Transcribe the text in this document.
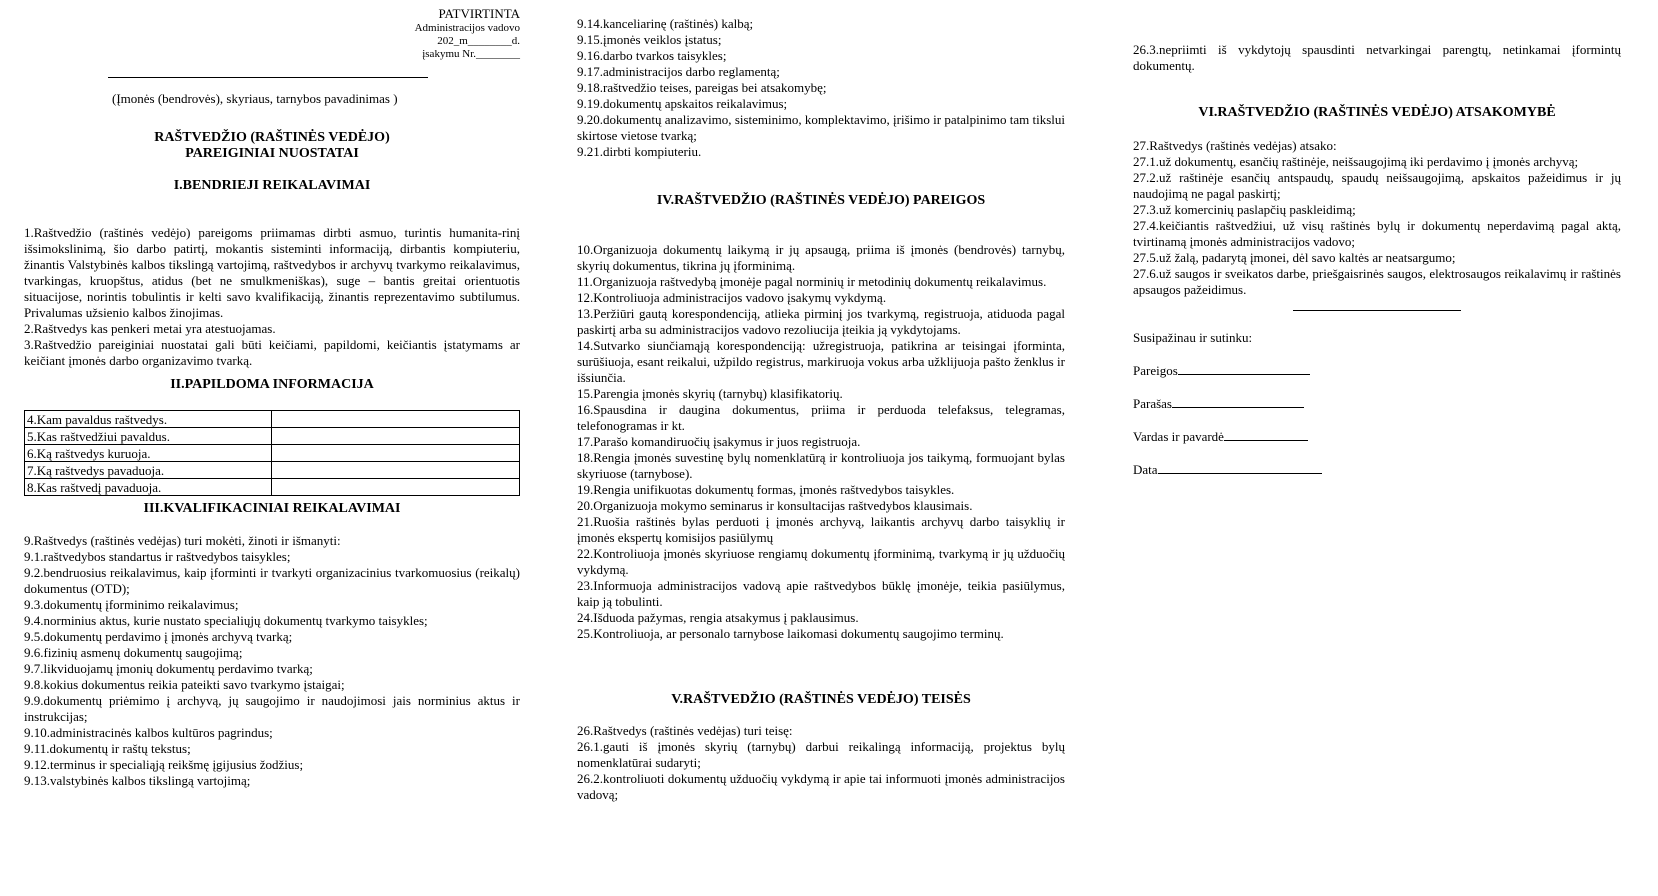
PATVIRTINTA
Administracijos vadovo
202_m________d.
įsakymu Nr.________
(Įmonės (bendrovės), skyriaus, tarnybos pavadinimas )

RAŠTVEDŽIO (RAŠTINĖS VEDĖJO)

PAREIGINIAI NUOSTATAI

I.BENDRIEJI REIKALAVIMAI

1.Raštvedžio (raštinės vedėjo) pareigoms priimamas dirbti asmuo, turintis humanita-rinį išsimokslinimą, šio darbo patirtį, mokantis sisteminti informaciją, dirbantis kompiuteriu, žinantis Valstybinės kalbos tikslingą vartojimą, raštvedybos ir archyvų tvarkymo reikalavimus, tvarkingas, kruopštus, atidus (bet ne smulkmeniškas), suge – bantis greitai orientuotis situacijose, norintis tobulintis ir kelti savo kvalifikaciją, žinantis reprezentavimo subtilumus. Privalumas užsienio kalbos žinojimas.

2.Raštvedys kas penkeri metai yra atestuojamas.

3.Raštvedžio pareiginiai nuostatai gali būti keičiami, papildomi, keičiantis įstatymams ar keičiant įmonės darbo organizavimo tvarką.

II.PAPILDOMA INFORMACIJA

4.Kam pavaldus raštvedys.	
5.Kas raštvedžiui pavaldus.	
6.Ką raštvedys kuruoja.	
7.Ką raštvedys pavaduoja.	
8.Kas raštvedį pavaduoja.	

III.KVALIFIKACINIAI REIKALAVIMAI

9.Raštvedys (raštinės vedėjas) turi mokėti, žinoti ir išmanyti:

9.1.raštvedybos standartus ir raštvedybos taisykles;

9.2.bendruosius reikalavimus, kaip įforminti ir tvarkyti organizacinius tvarkomuosius (reikalų) dokumentus (OTD);

9.3.dokumentų įforminimo reikalavimus;

9.4.norminius aktus, kurie nustato specialiųjų dokumentų tvarkymo taisykles;

9.5.dokumentų perdavimo į įmonės archyvą tvarką;

9.6.fizinių asmenų dokumentų saugojimą;

9.7.likviduojamų įmonių dokumentų perdavimo tvarką;

9.8.kokius dokumentus reikia pateikti savo tvarkymo įstaigai;

9.9.dokumentų priėmimo į archyvą, jų saugojimo ir naudojimosi jais norminius aktus ir instrukcijas;

9.10.administracinės kalbos kultūros pagrindus;

9.11.dokumentų ir raštų tekstus;

9.12.terminus ir specialiąją reikšmę įgijusius žodžius;

9.13.valstybinės kalbos tikslingą vartojimą;

9.14.kanceliarinę (raštinės) kalbą;

9.15.įmonės veiklos įstatus;

9.16.darbo tvarkos taisykles;

9.17.administracijos darbo reglamentą;

9.18.raštvedžio teises, pareigas bei atsakomybę;

9.19.dokumentų apskaitos reikalavimus;

9.20.dokumentų analizavimo, sisteminimo, komplektavimo, įrišimo ir patalpinimo tam tikslui skirtose vietose tvarką;

9.21.dirbti kompiuteriu.

IV.RAŠTVEDŽIO (RAŠTINĖS VEDĖJO) PAREIGOS

10.Organizuoja dokumentų laikymą ir jų apsaugą, priima iš įmonės (bendrovės) tarnybų, skyrių dokumentus, tikrina jų įforminimą.

11.Organizuoja raštvedybą įmonėje pagal norminių ir metodinių dokumentų reikalavimus.

12.Kontroliuoja administracijos vadovo įsakymų vykdymą.

13.Peržiūri gautą korespondenciją, atlieka pirminį jos tvarkymą, registruoja, atiduoda pagal paskirtį arba su administracijos vadovo rezoliucija įteikia ją vykdytojams.

14.Sutvarko siunčiamąją korespondenciją: užregistruoja, patikrina ar teisingai įforminta, surūšiuoja, esant reikalui, užpildo registrus, markiruoja vokus arba užklijuoja pašto ženklus ir išsiunčia.

15.Parengia įmonės skyrių (tarnybų) klasifikatorių.

16.Spausdina ir daugina dokumentus, priima ir perduoda telefaksus, telegramas, telefonogramas ir kt.

17.Parašo komandiruočių įsakymus ir juos registruoja.

18.Rengia įmonės suvestinę bylų nomenklatūrą ir kontroliuoja jos taikymą, formuojant bylas skyriuose (tarnybose).

19.Rengia unifikuotas dokumentų formas, įmonės raštvedybos taisykles.

20.Organizuoja mokymo seminarus ir konsultacijas raštvedybos klausimais.

21.Ruošia raštinės bylas perduoti į įmonės archyvą, laikantis archyvų darbo taisyklių ir įmonės ekspertų komisijos pasiūlymų

22.Kontroliuoja įmonės skyriuose rengiamų dokumentų įforminimą, tvarkymą ir jų užduočių vykdymą.

23.Informuoja administracijos vadovą apie raštvedybos būklę įmonėje, teikia pasiūlymus, kaip ją tobulinti.

24.Išduoda pažymas, rengia atsakymus į paklausimus.

25.Kontroliuoja, ar personalo tarnybose laikomasi dokumentų saugojimo terminų.

V.RAŠTVEDŽIO (RAŠTINĖS VEDĖJO) TEISĖS

26.Raštvedys (raštinės vedėjas) turi teisę:

26.1.gauti iš įmonės skyrių (tarnybų) darbui reikalingą informaciją, projektus bylų nomenklatūrai sudaryti;

26.2.kontroliuoti dokumentų užduočių vykdymą ir apie tai informuoti įmonės administracijos vadovą;

26.3.nepriimti iš vykdytojų spausdinti netvarkingai parengtų, netinkamai įformintų dokumentų.

VI.RAŠTVEDŽIO (RAŠTINĖS VEDĖJO) ATSAKOMYBĖ

27.Raštvedys (raštinės vedėjas) atsako:

27.1.už dokumentų, esančių raštinėje, neišsaugojimą iki perdavimo į įmonės archyvą;

27.2.už raštinėje esančių antspaudų, spaudų neišsaugojimą, apskaitos pažeidimus ir jų naudojimą ne pagal paskirtį;

27.3.už komercinių paslapčių paskleidimą;

27.4.keičiantis raštvedžiui, už visų raštinės bylų ir dokumentų neperdavimą pagal aktą, tvirtinamą įmonės administracijos vadovo;

27.5.už žalą, padarytą įmonei, dėl savo kaltės ar neatsargumo;

27.6.už saugos ir sveikatos darbe, priešgaisrinės saugos, elektrosaugos reikalavimų ir raštinės apsaugos pažeidimus.

Susipažinau ir sutinku:

Pareigos

Parašas

Vardas ir pavardė

Data
